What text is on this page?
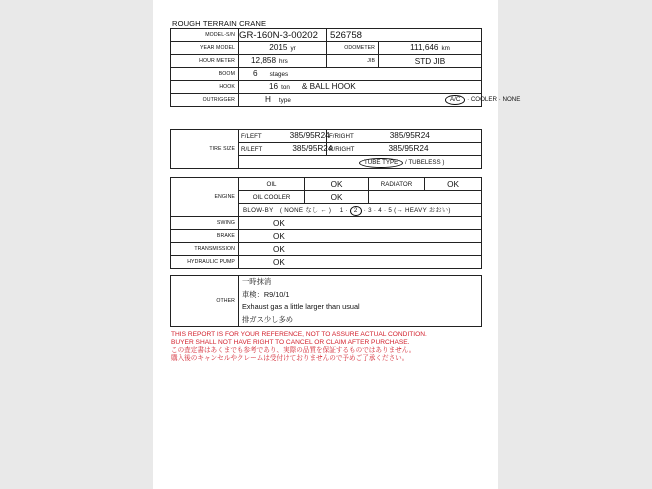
ROUGH TERRAIN CRANE
MODEL-S/N	GR-160N-3-00202	526758	
YEAR MODEL	2015 yr	ODOMETER	111,646 km
HOUR METER	12,858 hrs	JIB	STD JIB
BOOM	6 stages		
HOOK	16 ton & BALL HOOK		
OUTRIGGER	H type A/C · COOLER · NONE		
TIRE SIZE	F/LEFT 385/95R24	F/RIGHT 385/95R24
	R/LEFT 385/95R24	R/RIGHT 385/95R24
	TUBE TYPE / TUBELESS )	
ENGINE	OIL	OK	RADIATOR	OK
	OIL COOLER	OK		
	BLOW-BY　( NONE なし ← )　 1 · 2 · 3 · 4 · 5 (→ HEAVY おおい)			
SWING	OK			
BRAKE	OK			
TRANSMISSION	OK			
HYDRAULIC PUMP	OK			
OTHER	
一時抹消
車検：R9/10/1
Exhaust gas a little larger than usual
排ガス少し多め
THIS REPORT IS FOR YOUR REFERENCE, NOT TO ASSURE ACTUAL CONDITION.
BUYER SHALL NOT HAVE RIGHT TO CANCEL OR CLAIM AFTER PURCHASE.
この査定書はあくまでも参考であり、実際の品質を保証するものではありません。
購入後のキャンセルやクレームは受付けておりませんので予めご了承ください。
